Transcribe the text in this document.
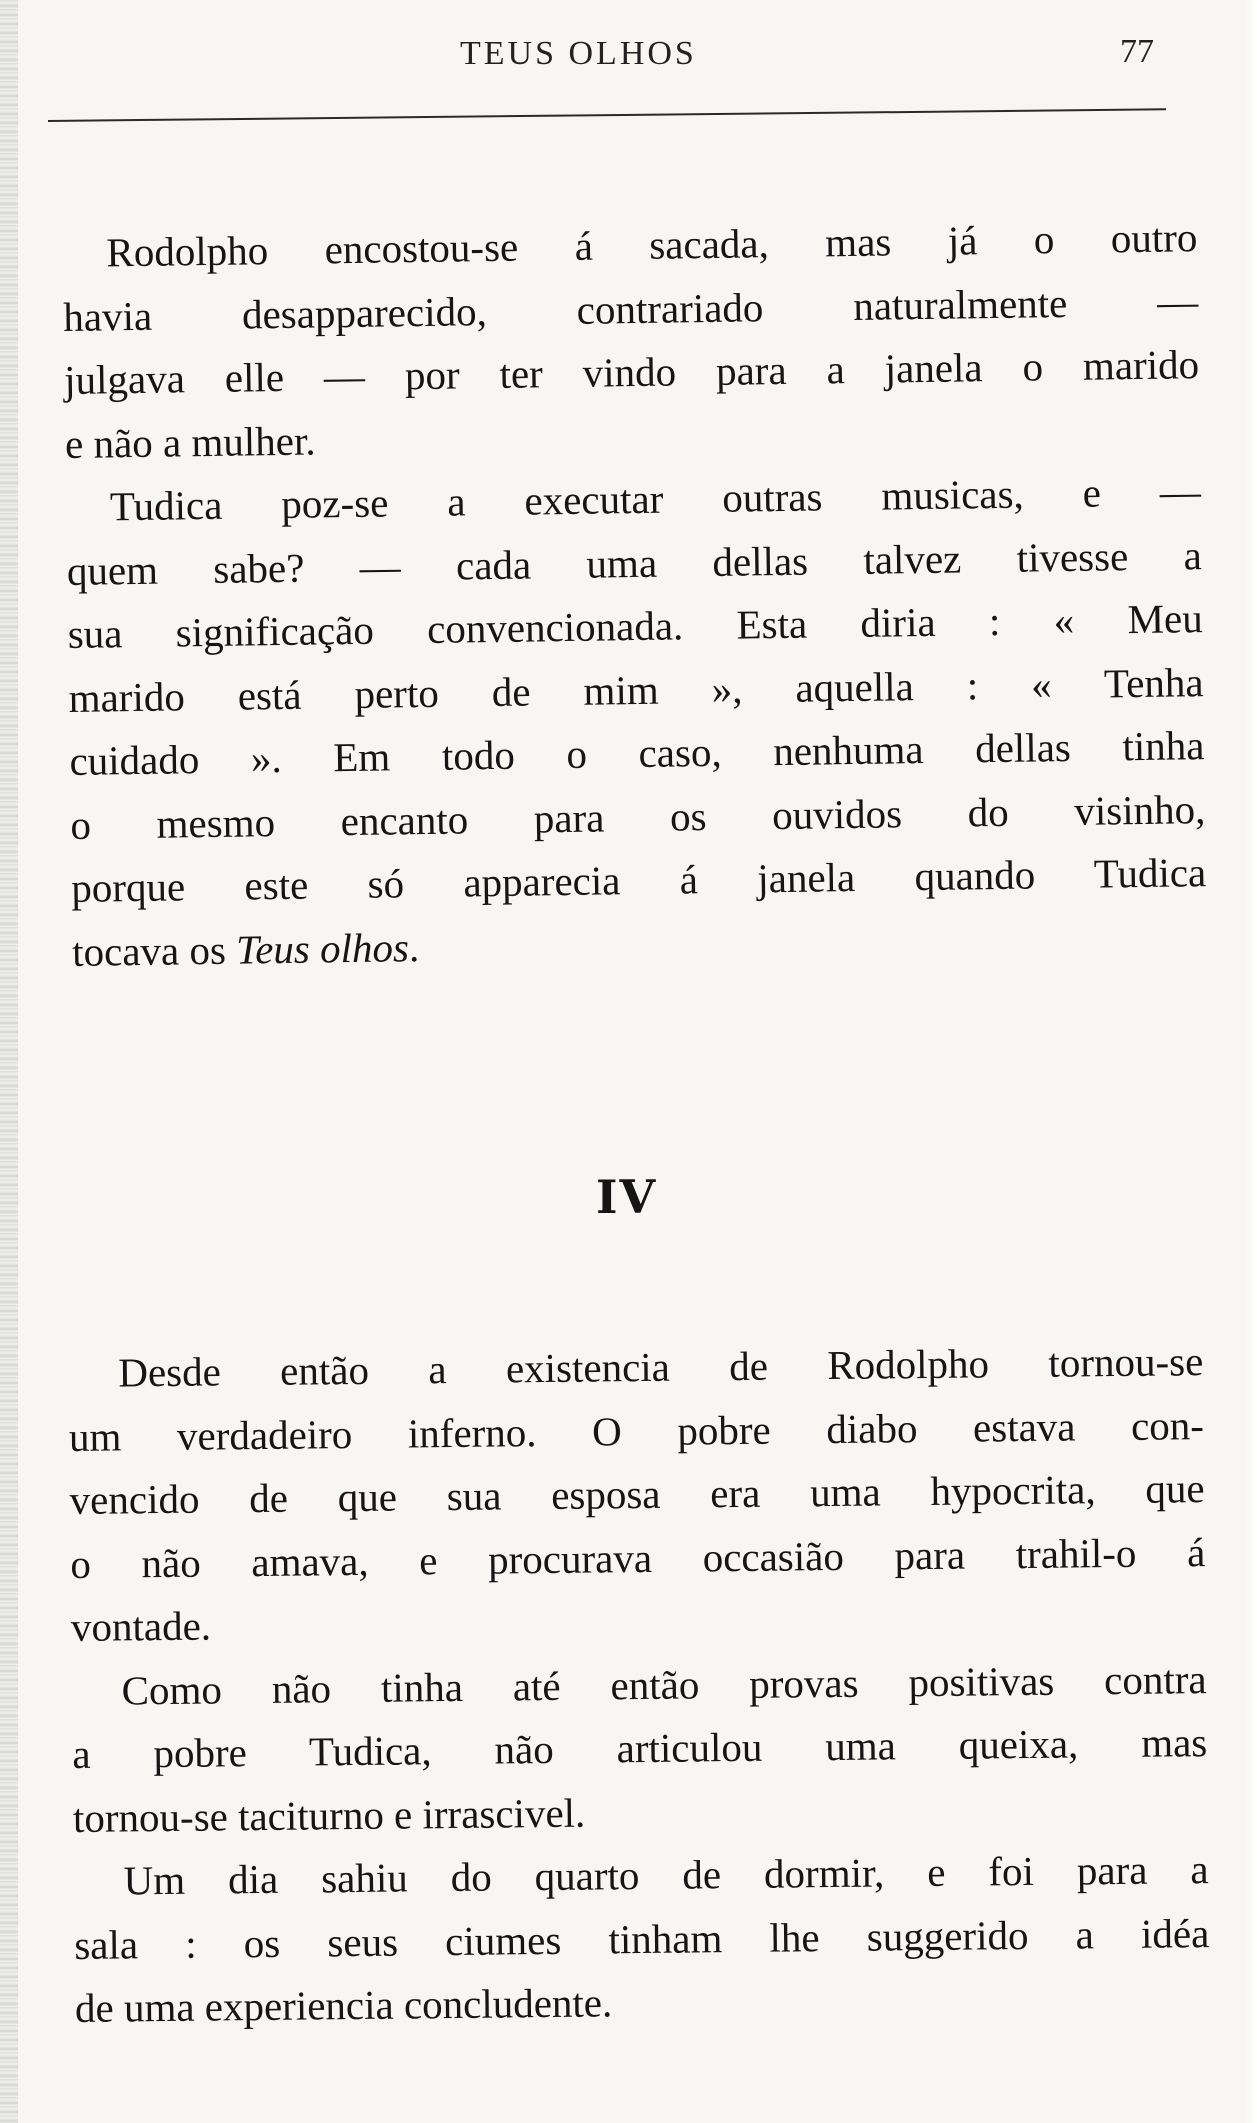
TEUS OLHOS	77
Rodolpho encostou-se á sacada, mas já o outro
havia desapparecido, contrariado naturalmente —
julgava elle — por ter vindo para a janela o marido
e não a mulher.
Tudica poz-se a executar outras musicas, e —
quem sabe? — cada uma dellas talvez tivesse a
sua significação convencionada. Esta diria : « Meu
marido está perto de mim », aquella : « Tenha
cuidado ». Em todo o caso, nenhuma dellas tinha
o mesmo encanto para os ouvidos do visinho,
porque este só apparecia á janela quando Tudica
tocava os Teus olhos.
IV
Desde então a existencia de Rodolpho tornou-se
um verdadeiro inferno. O pobre diabo estava con-
vencido de que sua esposa era uma hypocrita, que
o não amava, e procurava occasião para trahil-o á
vontade.
Como não tinha até então provas positivas contra
a pobre Tudica, não articulou uma queixa, mas
tornou-se taciturno e irrascivel.
Um dia sahiu do quarto de dormir, e foi para a
sala : os seus ciumes tinham lhe suggerido a idéa
de uma experiencia concludente.
